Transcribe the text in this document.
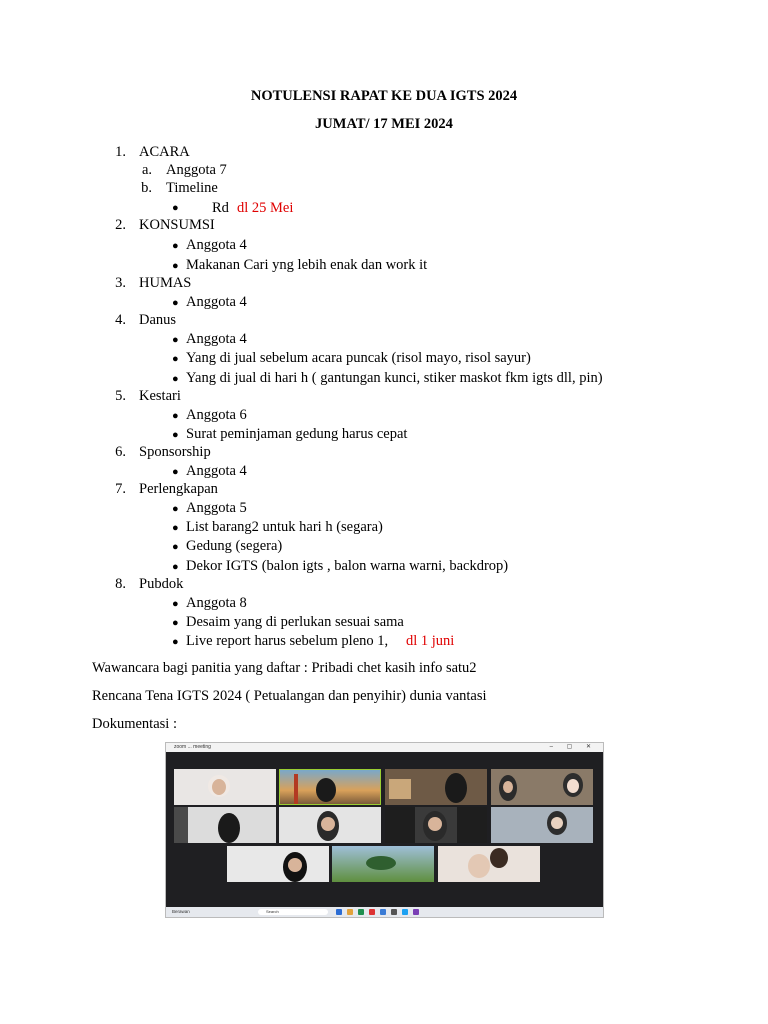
NOTULENSI RAPAT KE DUA IGTS 2024
JUMAT/ 17 MEI 2024
1. ACARA
a. Anggota 7
b. Timeline
● Rd dl 25 Mei
2. KONSUMSI
● Anggota 4
● Makanan Cari yng lebih enak dan work it
3. HUMAS
● Anggota 4
4. Danus
● Anggota 4
● Yang di jual sebelum acara puncak (risol mayo, risol sayur)
● Yang di jual di hari h ( gantungan kunci, stiker maskot fkm igts dll, pin)
5. Kestari
● Anggota 6
● Surat peminjaman gedung harus cepat
6. Sponsorship
● Anggota 4
7. Perlengkapan
● Anggota 5
● List barang2 untuk hari h (segara)
● Gedung (segera)
● Dekor IGTS (balon igts , balon warna warni, backdrop)
8. Pubdok
● Anggota 8
● Desaim yang di perlukan sesuai sama
● Live report harus sebelum pleno 1, dl 1 juni
Wawancara bagi panitia yang daftar : Pribadi chet kasih info satu2
Rencana Tena IGTS 2024 ( Petualangan dan penyihir) dunia vantasi
Dokumentasi :
zoom ... meeting	– ▢ ✕
Berawan	Search
